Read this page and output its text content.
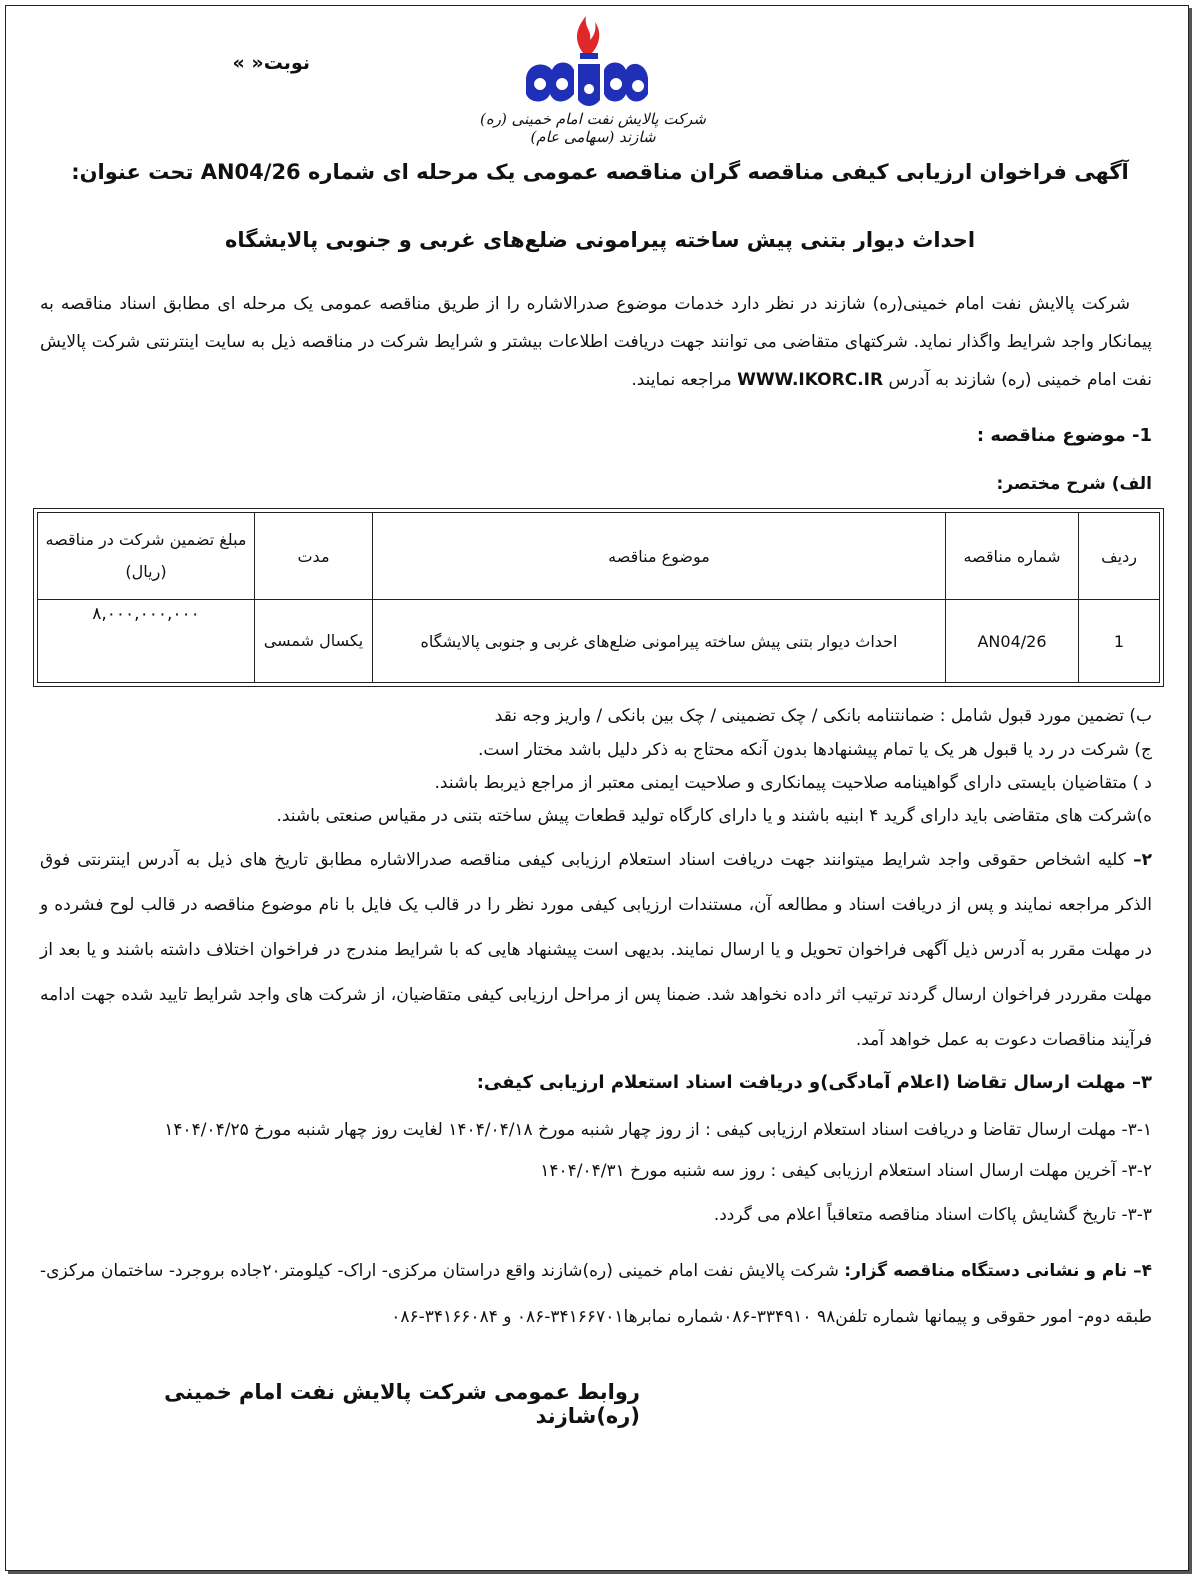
شرکت پالایش نفت امام خمینی (ره) شازند (سهامی عام)
نوبت« »
آگهی فراخوان ارزیابی کیفی مناقصه گران مناقصه عمومی یک مرحله ای شماره AN04/26 تحت عنوان:
احداث دیوار بتنی پیش ساخته پیرامونی ضلع‌های غربی و جنوبی پالایشگاه
شرکت پالایش نفت امام خمینی(ره) شازند در نظر دارد خدمات موضوع صدرالاشاره را از طریق مناقصه عمومی یک مرحله ای مطابق اسناد مناقصه به پیمانکار واجد شرایط واگذار نماید. شرکتهای متقاضی می توانند جهت دریافت اطلاعات بیشتر و شرایط شرکت در مناقصه ذیل به سایت اینترنتی شرکت پالایش نفت امام خمینی (ره) شازند به آدرس WWW.IKORC.IR مراجعه نمایند.
1- موضوع مناقصه :
الف) شرح مختصر:
ردیف	شماره مناقصه	موضوع مناقصه	مدت	مبلغ تضمین شرکت در مناقصه (ریال)
1	AN04/26	احداث دیوار بتنی پیش ساخته پیرامونی ضلع‌های غربی و جنوبی پالایشگاه	یکسال شمسی	۸,۰۰۰,۰۰۰,۰۰۰
ب) تضمین مورد قبول شامل : ضمانتنامه بانکی / چک تضمینی / چک بین بانکی / واریز وجه نقد
ج) شرکت در رد یا قبول هر یک یا تمام پیشنهادها بدون آنکه محتاج به ذکر دلیل باشد مختار است.
د ) متقاضیان بایستی دارای گواهینامه صلاحیت پیمانکاری و صلاحیت ایمنی معتبر از مراجع ذیربط باشند.
ه)شرکت های متقاضی باید دارای گرید ۴ ابنیه باشند و یا دارای کارگاه تولید قطعات پیش ساخته بتنی در مقیاس صنعتی باشند.
۲– کلیه اشخاص حقوقی واجد شرایط میتوانند جهت دریافت اسناد استعلام ارزیابی کیفی مناقصه صدرالاشاره مطابق تاریخ های ذیل به آدرس اینترنتی فوق الذکر مراجعه نمایند و پس از دریافت اسناد و مطالعه آن، مستندات ارزیابی کیفی مورد نظر را در قالب یک فایل با نام موضوع مناقصه در قالب لوح فشرده و در مهلت مقرر به آدرس ذیل آگهی فراخوان تحویل و یا ارسال نمایند. بدیهی است پیشنهاد هایی که با شرایط مندرج در فراخوان اختلاف داشته باشند و یا بعد از مهلت مقرردر فراخوان ارسال گردند ترتیب اثر داده نخواهد شد. ضمنا پس از مراحل ارزیابی کیفی متقاضیان، از شرکت های واجد شرایط تایید شده جهت ادامه فرآیند مناقصات دعوت به عمل خواهد آمد.
۳– مهلت ارسال تقاضا (اعلام آمادگی)و دریافت اسناد استعلام ارزیابی کیفی:
۳-۱- مهلت ارسال تقاضا و دریافت اسناد استعلام ارزیابی کیفی : از روز چهار شنبه مورخ ۱۴۰۴/۰۴/۱۸ لغایت روز چهار شنبه مورخ ۱۴۰۴/۰۴/۲۵
۳-۲- آخرین مهلت ارسال اسناد استعلام ارزیابی کیفی : روز سه شنبه مورخ ۱۴۰۴/۰۴/۳۱
۳-۳- تاریخ گشایش پاکات اسناد مناقصه متعاقباً اعلام می گردد.
۴– نام و نشانی دستگاه مناقصه گزار: شرکت پالایش نفت امام خمینی (ره)شازند واقع دراستان مرکزی- اراک- کیلومتر۲۰جاده بروجرد- ساختمان مرکزی- طبقه دوم- امور حقوقی و پیمانها شماره تلفن۹۸ ۳۳۴۹۱۰-۰۸۶شماره نمابرها۳۴۱۶۶۷۰۱-۰۸۶ و ۳۴۱۶۶۰۸۴-۰۸۶
روابط عمومی شرکت پالایش نفت امام خمینی (ره)شازند
